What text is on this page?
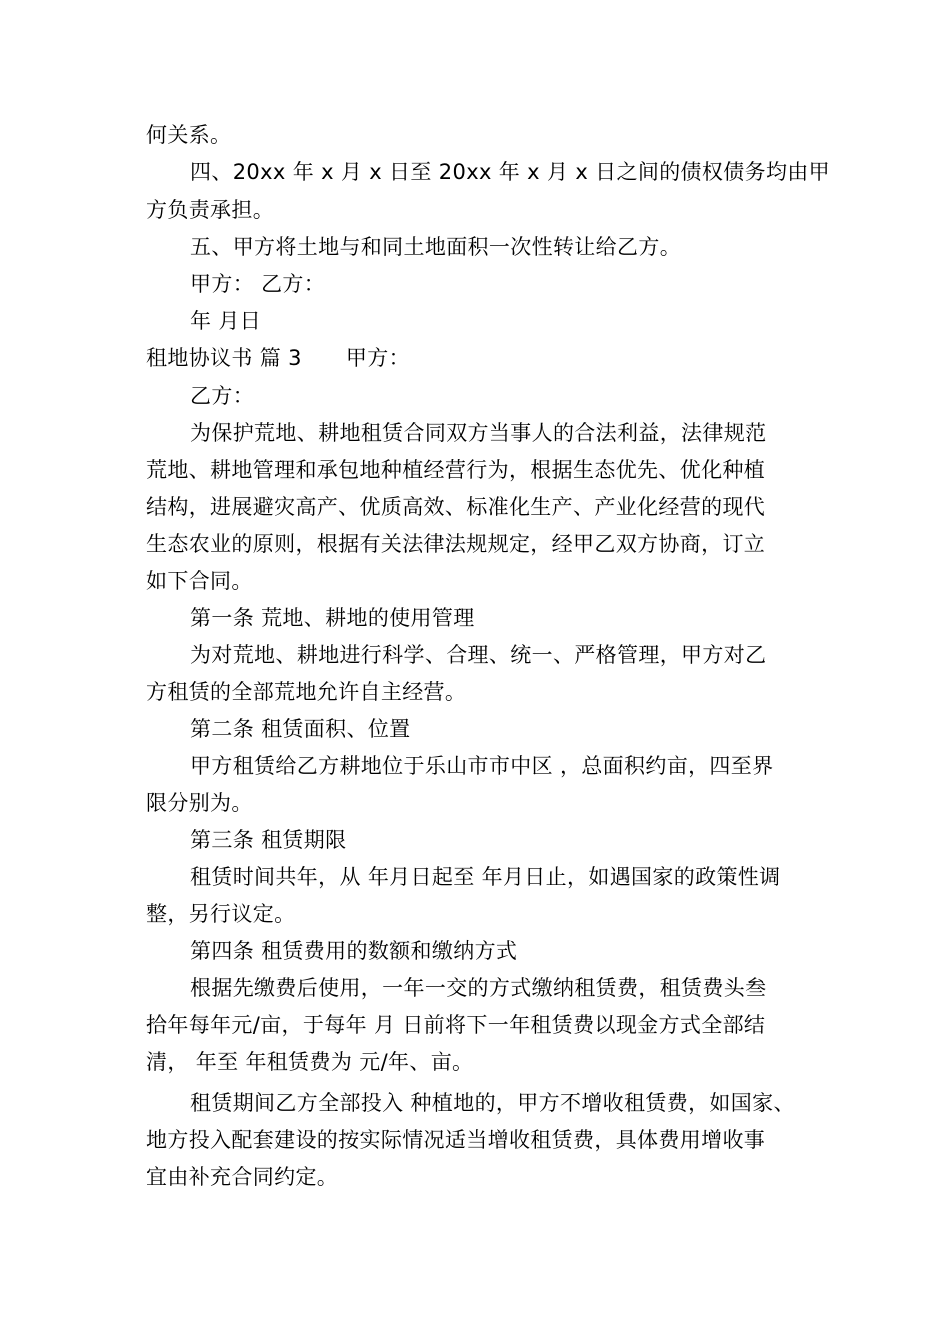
何关系。
四、20xx 年 x 月 x 日至 20xx 年 x 月 x 日之间的债权债务均由甲
方负责承担。
五、甲方将土地与和同土地面积一次性转让给乙方。
甲方： 乙方：
年 月日
租地协议书 篇 3 甲方：
乙方：
为保护荒地、耕地租赁合同双方当事人的合法利益，法律规范
荒地、耕地管理和承包地种植经营行为，根据生态优先、优化种植
结构，进展避灾高产、优质高效、标准化生产、产业化经营的现代
生态农业的原则，根据有关法律法规规定，经甲乙双方协商，订立
如下合同。
第一条 荒地、耕地的使用管理
为对荒地、耕地进行科学、合理、统一、严格管理，甲方对乙
方租赁的全部荒地允许自主经营。
第二条 租赁面积、位置
甲方租赁给乙方耕地位于乐山市市中区 ，总面积约亩，四至界
限分别为。
第三条 租赁期限
租赁时间共年，从 年月日起至 年月日止，如遇国家的政策性调
整，另行议定。
第四条 租赁费用的数额和缴纳方式
根据先缴费后使用，一年一交的方式缴纳租赁费，租赁费头叁
拾年每年元/亩，于每年 月 日前将下一年租赁费以现金方式全部结
清， 年至 年租赁费为 元/年、亩。
租赁期间乙方全部投入 种植地的，甲方不增收租赁费，如国家、
地方投入配套建设的按实际情况适当增收租赁费，具体费用增收事
宜由补充合同约定。
